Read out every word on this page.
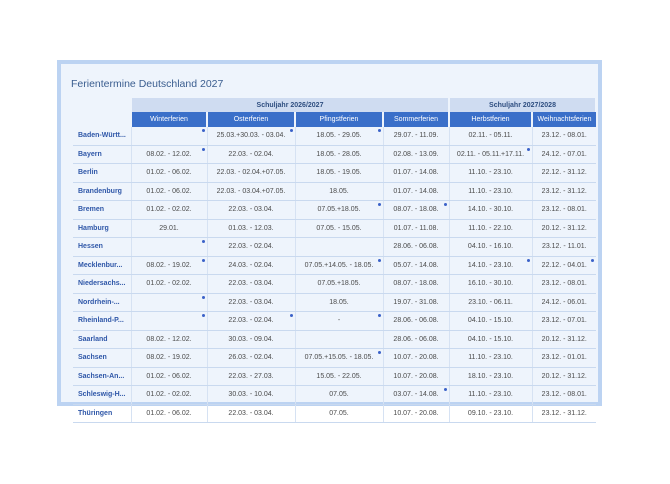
Ferientermine Deutschland 2027
	Schuljahr 2026/2027				Schuljahr 2027/2028	
	Winterferien	Osterferien	Pfingstferien	Sommerferien	Herbstferien	Weihnachtsferien
Baden-Württ...		25.03.+30.03. - 03.04.	18.05. - 29.05.	29.07. - 11.09.	02.11. - 05.11.	23.12. - 08.01.
Bayern	08.02. - 12.02.	22.03. - 02.04.	18.05. - 28.05.	02.08. - 13.09.	02.11. - 05.11.+17.11.	24.12. - 07.01.
Berlin	01.02. - 06.02.	22.03. - 02.04.+07.05.	18.05. - 19.05.	01.07. - 14.08.	11.10. - 23.10.	22.12. - 31.12.
Brandenburg	01.02. - 06.02.	22.03. - 03.04.+07.05.	18.05.	01.07. - 14.08.	11.10. - 23.10.	23.12. - 31.12.
Bremen	01.02. - 02.02.	22.03. - 03.04.	07.05.+18.05.	08.07. - 18.08.	14.10. - 30.10.	23.12. - 08.01.
Hamburg	29.01.	01.03. - 12.03.	07.05. - 15.05.	01.07. - 11.08.	11.10. - 22.10.	20.12. - 31.12.
Hessen		22.03. - 02.04.		28.06. - 06.08.	04.10. - 16.10.	23.12. - 11.01.
Mecklenbur...	08.02. - 19.02.	24.03. - 02.04.	07.05.+14.05. - 18.05.	05.07. - 14.08.	14.10. - 23.10.	22.12. - 04.01.

Niedersachs...	01.02. - 02.02.	22.03. - 03.04.	07.05.+18.05.	08.07. - 18.08.	16.10. - 30.10.	23.12. - 08.01.
Nordrhein-...		22.03. - 03.04.	18.05.	19.07. - 31.08.	23.10. - 06.11.	24.12. - 06.01.
Rheinland-P...		22.03. - 02.04.	-	28.06. - 06.08.	04.10. - 15.10.	23.12. - 07.01.
Saarland	08.02. - 12.02.	30.03. - 09.04.		28.06. - 06.08.	04.10. - 15.10.	20.12. - 31.12.
Sachsen	08.02. - 19.02.	26.03. - 02.04.	07.05.+15.05. - 18.05.	10.07. - 20.08.	11.10. - 23.10.	23.12. - 01.01.
Sachsen-An...	01.02. - 06.02.	22.03. - 27.03.	15.05. - 22.05.	10.07. - 20.08.	18.10. - 23.10.	20.12. - 31.12.
Schleswig-H...	01.02. - 02.02.	30.03. - 10.04.	07.05.	03.07. - 14.08.	11.10. - 23.10.	23.12. - 08.01.
Thüringen	01.02. - 06.02.	22.03. - 03.04.	07.05.	10.07. - 20.08.	09.10. - 23.10.	23.12. - 31.12.
